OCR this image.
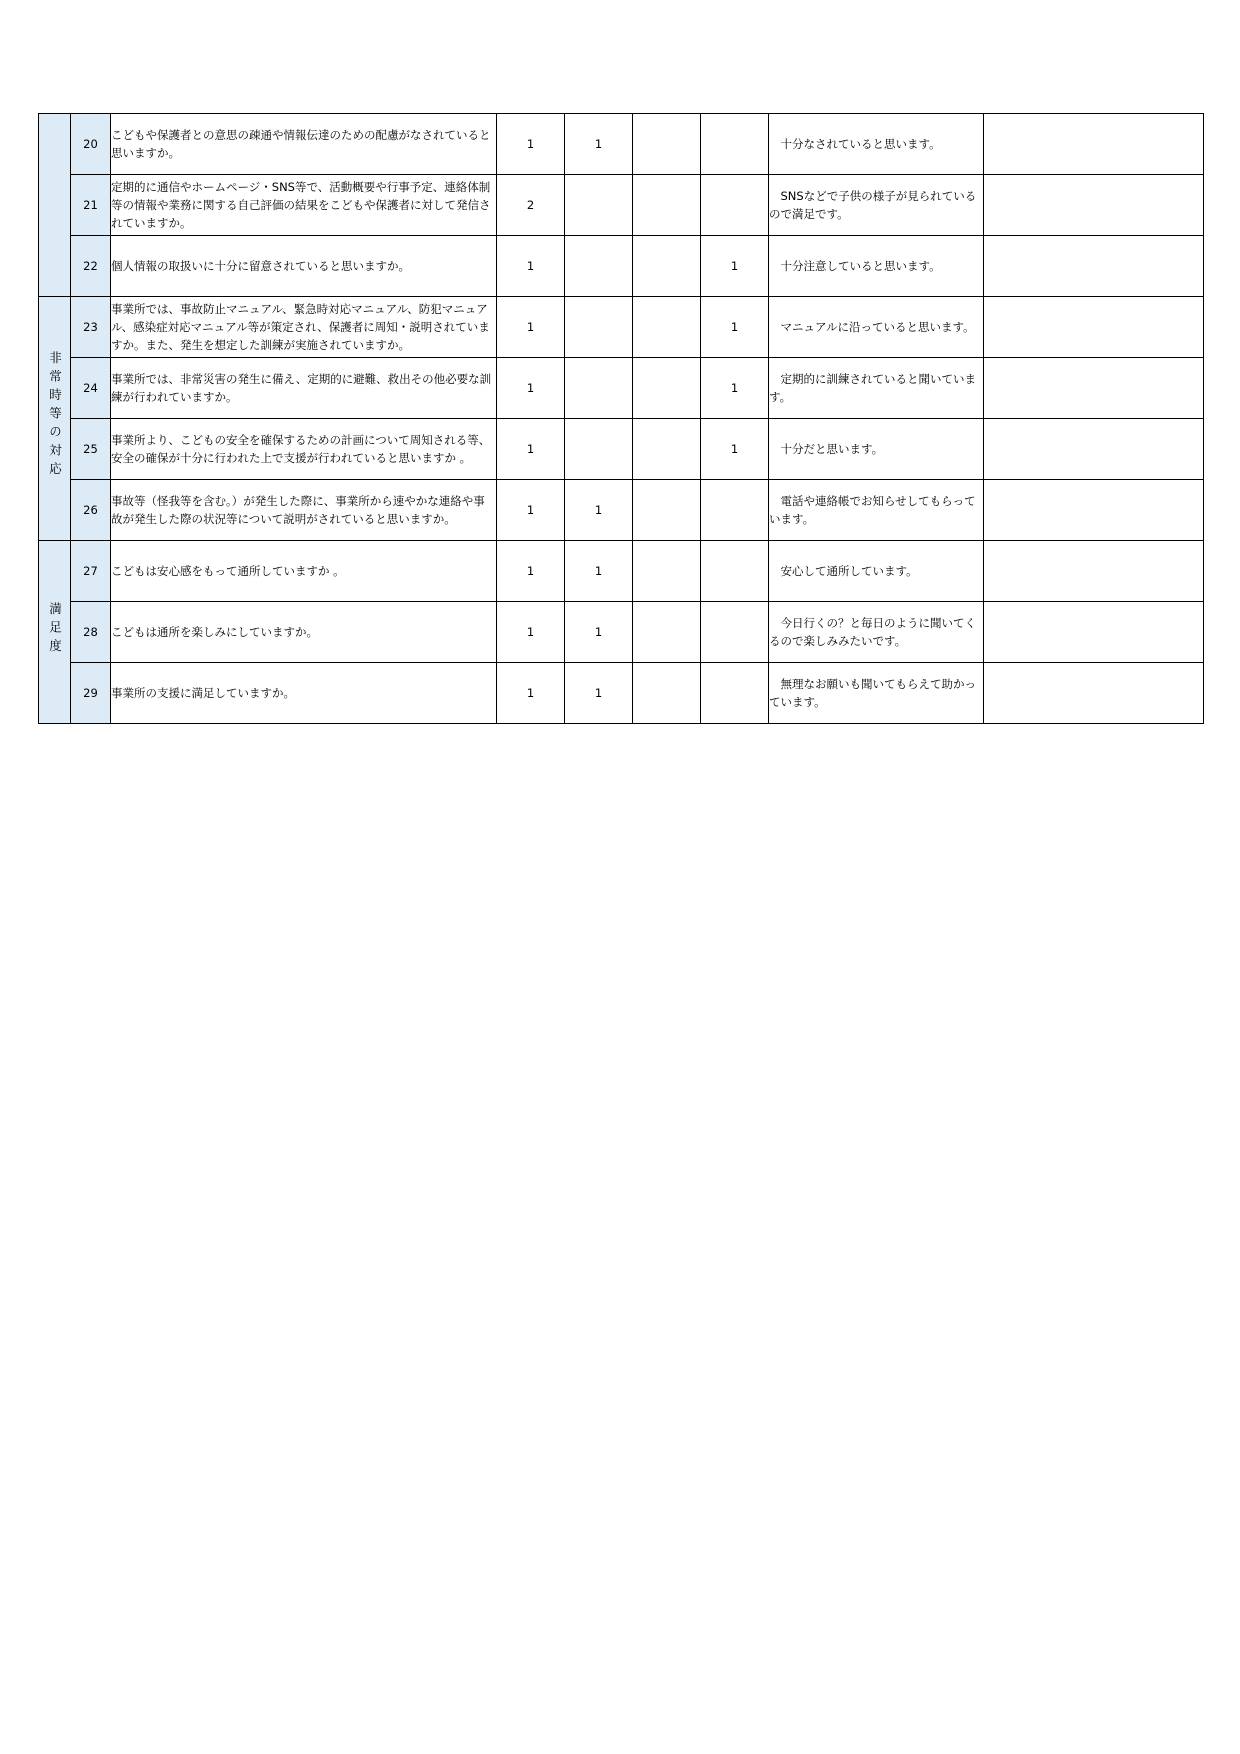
	20	こどもや保護者との意思の疎通や情報伝達のための配慮がなされていると思いますか。	1	1			十分なされていると思います。	
	21	定期的に通信やホームページ・SNS等で、活動概要や行事予定、連絡体制等の情報や業務に関する自己評価の結果をこどもや保護者に対して発信されていますか。	2				SNSなどで子供の様子が見られているので満足です。	
	22	個人情報の取扱いに十分に留意されていると思いますか。	1			1	十分注意していると思います。	
非常時等の対応	23	事業所では、事故防止マニュアル、緊急時対応マニュアル、防犯マニュアル、感染症対応マニュアル等が策定され、保護者に周知・説明されていますか。また、発生を想定した訓練が実施されていますか。	1			1	マニュアルに沿っていると思います。	
	24	事業所では、非常災害の発生に備え、定期的に避難、救出その他必要な訓練が行われていますか。	1			1	定期的に訓練されていると聞いています。	
	25	事業所より、こどもの安全を確保するための計画について周知される等、安全の確保が十分に行われた上で支援が行われていると思いますか 。	1			1	十分だと思います。	
	26	事故等（怪我等を含む。）が発生した際に、事業所から速やかな連絡や事故が発生した際の状況等について説明がされていると思いますか。	1	1			電話や連絡帳でお知らせしてもらっています。	
満足度	27	こどもは安心感をもって通所していますか 。	1	1			安心して通所しています。	
	28	こどもは通所を楽しみにしていますか。	1	1			今日行くの？と毎日のように聞いてくるので楽しみみたいです。	
	29	事業所の支援に満足していますか。	1	1			無理なお願いも聞いてもらえて助かっています。	
